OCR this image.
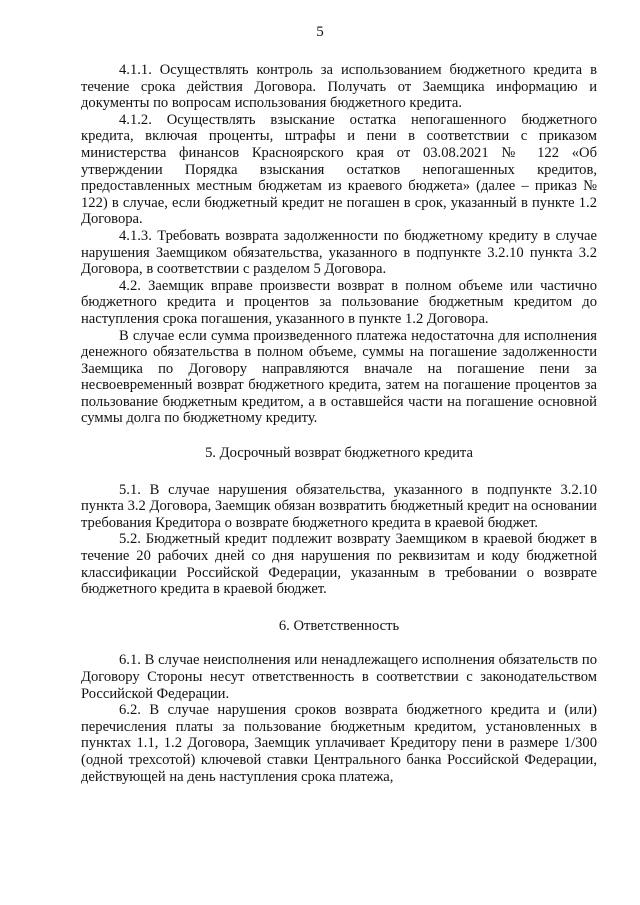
5

4.1.1. Осуществлять контроль за использованием бюджетного кредита в течение срока действия Договора. Получать от Заемщика информацию и документы по вопросам использования бюджетного кредита.

4.1.2. Осуществлять взыскание остатка непогашенного бюджетного кредита, включая проценты, штрафы и пени в соответствии с приказом министерства финансов Красноярского края от 03.08.2021 № 122 «Об утверждении Порядка взыскания остатков непогашенных кредитов, предоставленных местным бюджетам из краевого бюджета» (далее – приказ № 122) в случае, если бюджетный кредит не погашен в срок, указанный в пункте 1.2 Договора.

4.1.3. Требовать возврата задолженности по бюджетному кредиту в случае нарушения Заемщиком обязательства, указанного в подпункте 3.2.10 пункта 3.2 Договора, в соответствии с разделом 5 Договора.

4.2. Заемщик вправе произвести возврат в полном объеме или частично бюджетного кредита и процентов за пользование бюджетным кредитом до наступления срока погашения, указанного в пункте 1.2 Договора.

В случае если сумма произведенного платежа недостаточна для исполнения денежного обязательства в полном объеме, суммы на погашение задолженности Заемщика по Договору направляются вначале на погашение пени за несвоевременный возврат бюджетного кредита, затем на погашение процентов за пользование бюджетным кредитом, а в оставшейся части на погашение основной суммы долга по бюджетному кредиту.

5. Досрочный возврат бюджетного кредита

5.1. В случае нарушения обязательства, указанного в подпункте 3.2.10 пункта 3.2 Договора, Заемщик обязан возвратить бюджетный кредит на основании требования Кредитора о возврате бюджетного кредита в краевой бюджет.

5.2. Бюджетный кредит подлежит возврату Заемщиком в краевой бюджет в течение 20 рабочих дней со дня нарушения по реквизитам и коду бюджетной классификации Российской Федерации, указанным в требовании о возврате бюджетного кредита в краевой бюджет.

6. Ответственность

6.1. В случае неисполнения или ненадлежащего исполнения обязательств по Договору Стороны несут ответственность в соответствии с законодательством Российской Федерации.

6.2. В случае нарушения сроков возврата бюджетного кредита и (или) перечисления платы за пользование бюджетным кредитом, установленных в пунктах 1.1, 1.2 Договора, Заемщик уплачивает Кредитору пени в размере 1/300 (одной трехсотой) ключевой ставки Центрального банка Российской Федерации, действующей на день наступления срока платежа,
